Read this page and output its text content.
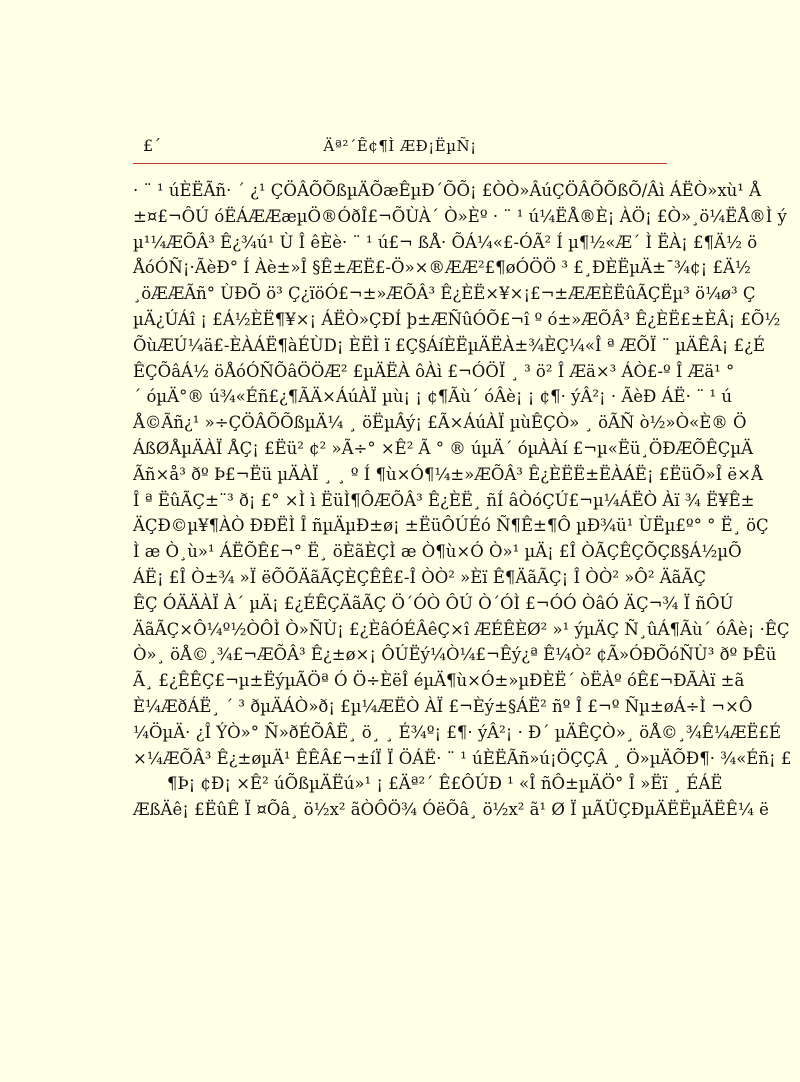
£´	Äª²´Ê¢¶Ì ÆÐ¡ËµÑ¡
· ¨ ¹ úÈËÃñ· ´ ¿¹ ÇÖÂÕÕßµÄÕæÊµÐ´ÕÕ¡ £ÒÒ»ÂúÇÖÂÕÕßÕ/Âì ÁËÒ»xù¹ Å
±¤£¬ÔÚ óËÁÆÆæµÖ®ÓðÎ£¬ÕÙÀ´ Ò»Èº · ¨ ¹ ú¼ËÅ®È¡ ÀÖ¡ £Ò»¸ö¼ËÅ®Ì ý
µ¹¼ÆÕÂ³ Ê¿¾ú¹ Ù Î êÈè· ¨ ¹ ú£¬ ßÅ· ÕÁ¼«£-ÓÃ² Í µ¶½«Æ´ Ì ËÀ¡ £¶Ä½ ö
ÅóÓÑ¡·ÃèÐ° Í Àè±»Î §Ê±ÆË£-Ö»×®ÆÆ²£¶øÓÖÖ ³ £¸ÐÈËµÄ±¯¾¢¡ £Ä½
¸öÆÆÃñ° ÙÐÕ ö³ Ç¿ïöÓ£¬±»ÆÕÂ³ Ê¿ÈË×¥×¡£¬±ÆÆÈËûÃÇËµ³ ö¼ø³ Ç
µÄ¿ÚÁî ¡ £Á½ÈË¶¥×¡ ÁËÒ»ÇÐÍ þ±ÆÑûÓÕ£¬î º ó±»ÆÕÂ³ Ê¿ÈË£±ÈÂ¡ £Õ½
ÕùÆÚ¼ä£-ÈÀÁË¶àÉÙD¡ ÈËÌ ï £Ç§ÁíÈËµÄËÀ±¾ÈÇ¼«Î ª ÆÕÏ ¨ µÄÊÂ¡ £¿É
ÊÇÕâÁ½ öÅóÓÑÕâÖÖÆ² £µÄËÀ ôÀì £¬ÓÖÏ ¸ ³ ö² Î Æä×³ ÁÒ£-º Î Æä¹ °
´ óµÄ°® ú¾«Éñ£¿¶ÃÄ×ÁúÀÏ µù¡ ¡ ¢¶Ãù´ óÂè¡ ¡ ¢¶· ýÂ²¡ · ÃèÐ ÁË· ¨ ¹ ú
Å©Ãñ¿¹ »÷ÇÖÂÕÕßµÄ¼ ¸ öËµÂý¡ £Ã×ÁúÀÏ µùÊÇÒ» ¸ öÃÑ ò½»Ò«È® Ö
ÁßØÅµÄÀÏ ÅÇ¡ £Ëü² ¢² »Ã÷° ×Ê² Ã ° ® úµÄ´ óµÀÀí £¬µ«Ëü¸ÖÐÆÕÊÇµÄ
Ãñ×å³ ðº Þ£¬Ëü µÄÀÏ ¸ ¸ º Í ¶ù×Ó¶¼±»ÆÕÂ³ Ê¿ÈËË±ËÀÁË¡ £ËüÕ»Î ë×Å
Î ª ËûÃÇ±¨³ ð¡ £° ×Ì ì ËüÌ¶ÔÆÕÂ³ Ê¿ÈË¸ ñÍ âÒóÇÚ£¬µ¼ÁËÒ Àï ¾ Ë¥Ê±
ÄÇÐ©µ¥¶ÀÒ ÐÐËÌ Î ñµÄµÐ±ø¡ ±ËüÔÚÉó Ñ¶Ê±¶Ô µÐ¾ü¹ ÙËµ£º° ° Ë¸ öÇ
Ì æ Ò¸ù»¹ ÁËÕÊ£¬° Ë¸ öÈãÈÇÌ æ Ò¶ù×Ó Ò»¹ µÄ¡ £Î ÒÃÇÊÇÕÇß§Á½µÕ
ÁË¡ £Î Ò±¾ »Ï ëÕÕÄãÃÇÈÇÊÊ£-Î ÒÒ² »Èï Ê¶ÄãÃÇ¡ Î ÒÒ² »Ô² ÄãÃÇ
ÊÇ ÓÄÄÀÏ À´ µÄ¡ £¿ÉÊÇÄãÃÇ Ö´ÓÒ ÔÚ Ò´ÓÌ £¬ÓÓ ÒâÓ ÄÇ¬¾ Ï ñÔÚ
ÄãÃÇ×Ô¼º½ÒÔÌ Ò»ÑÙ¡ £¿ÈâÓÉÂêÇ×î ÆÉÊÈØ² »¹ ýµÄÇ Ñ¸ûÁ¶Ãù´ óÂè¡ ·ÊÇ
Ò»¸ öÅ©¸¾£¬ÆÕÂ³ Ê¿±ø×¡ ÔÚËý¼Ò¼£¬Êý¿ª Ê¼Ò² ¢Ã»ÓÐÕóÑÙ³ ðº ÞÊü
Ã¸ £¿ÊÊÇ£¬µ±ËýµÃÖª Ó Ö÷ÈëÎ éµÄ¶ù×Ó±»µÐÈË´ òËÀº óÊ£¬ÐÃÀï ±ã
È¼ÆðÁË¸ ´ ³ ðµÄÁÒ»ð¡ £µ¼ÆËÒ ÀÏ £¬Èý±§ÁË² ñº Î £¬º Ñµ±øÁ÷Ì ¬×Ô
¼ÖµÄ· ¿Î ÝÒ»° Ñ»ðÉÕÂË¸ ö¸ ¸ É¾º¡ £¶· ýÂ²¡ · Ð´ µÄÊÇÒ»¸ öÅ©¸¾Ê¼ÆË£É
×¼ÆÕÂ³ Ê¿±øµÄ¹ ÊÊÂ£¬±íÏ Ï ÖÁË· ¨ ¹ úÈËÃñ»ú¡ÖÇÇÂ ¸ Ö»µÄÕÐ¶· ¾«Éñ¡ £
¶Þ¡ ¢Ð¡ ×Ê² úÕßµÄËú»¹ ¡ £Äª²´ Ê£ÔÚÐ ¹ «Î ñÔ±µÄÖ° Î »Ëï ¸ ÉÁË
ÆßÄê¡ £ËûÊ Ï ¤Õâ¸ ö½x² ãÒÔÖ¾ ÓëÕâ¸ ö½x² ã¹ Ø Ï µÃÜÇÐµÄËËµÄËÊ¼ ë
